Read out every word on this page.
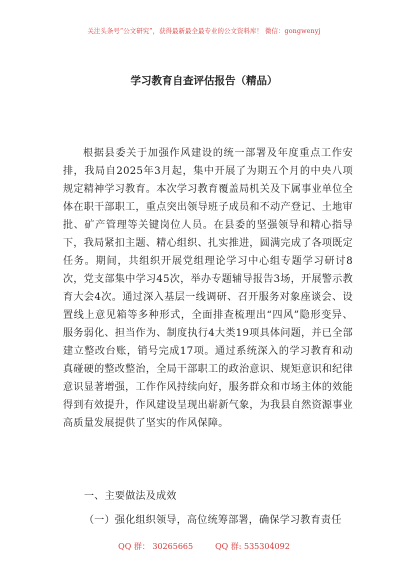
关注头条号“公文研究”，获得最新最全最专业的公文资料库！ 微信：gongwenyj
学习教育自查评估报告（精品）

根据县委关于加强作风建设的统一部署及年度重点工作安排，我局自2025年3月起，集中开展了为期五个月的中央八项规定精神学习教育。本次学习教育覆盖局机关及下属事业单位全体在职干部职工，重点突出领导班子成员和不动产登记、土地审批、矿产管理等关键岗位人员。在县委的坚强领导和精心指导下，我局紧扣主题、精心组织、扎实推进，圆满完成了各项既定任务。期间，共组织开展党组理论学习中心组专题学习研讨8次，党支部集中学习45次，举办专题辅导报告3场，开展警示教育大会4次。通过深入基层一线调研、召开服务对象座谈会、设置线上意见箱等多种形式，全面排查梳理出“四风”隐形变异、服务弱化、担当作为、制度执行4大类19项具体问题，并已全部建立整改台账，销号完成17项。通过系统深入的学习教育和动真碰硬的整改整治，全局干部职工的政治意识、规矩意识和纪律意识显著增强，工作作风持续向好，服务群众和市场主体的效能得到有效提升，作风建设呈现出崭新气象，为我县自然资源事业高质量发展提供了坚实的作风保障。

一、主要做法及成效
（一）强化组织领导，高位统筹部署，确保学习教育责任
QQ 群： 30265665	QQ 群: 535304092
